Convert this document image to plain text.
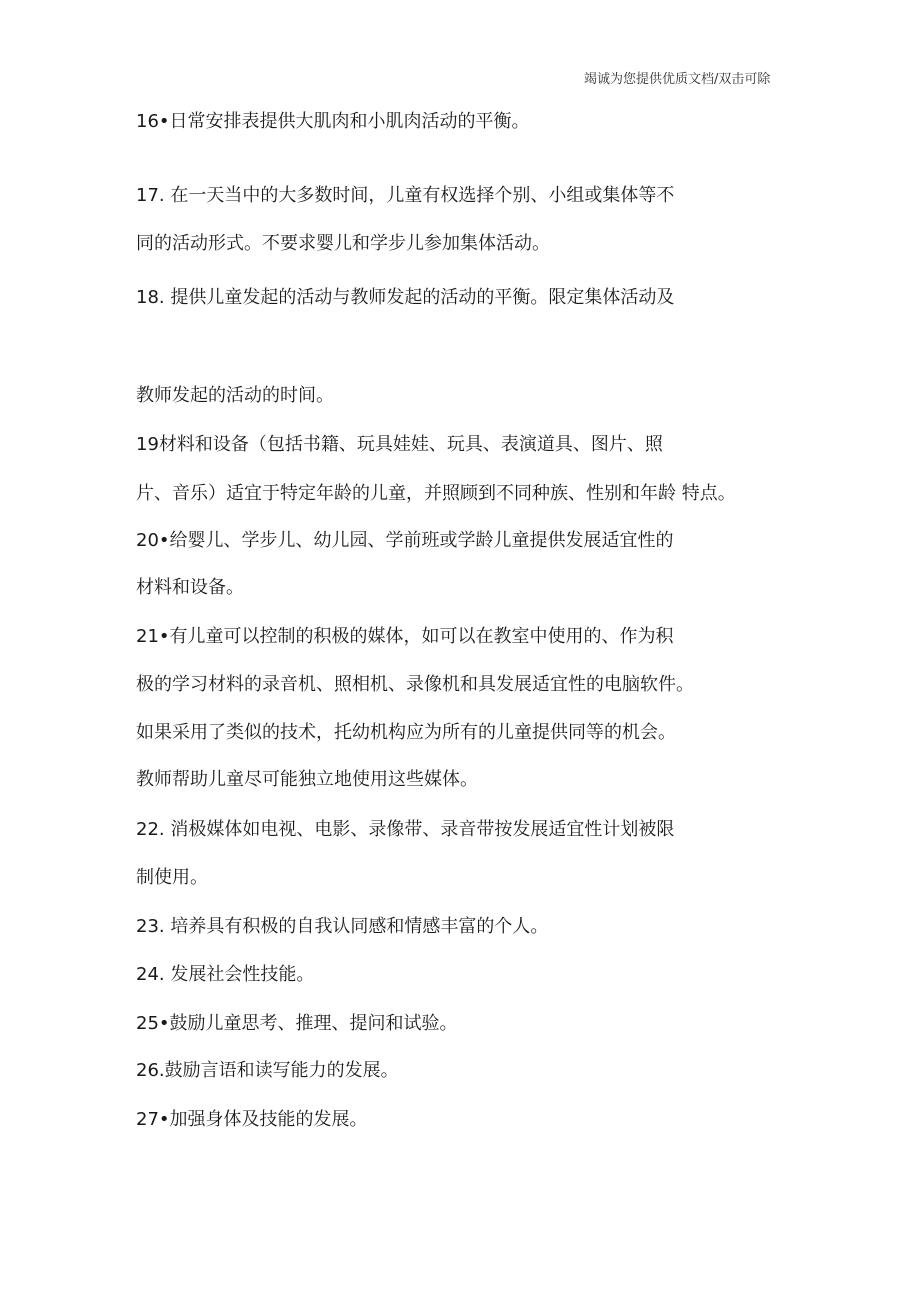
竭诚为您提供优质文档/双击可除
16•日常安排表提供大肌肉和小肌肉活动的平衡。
17. 在一天当中的大多数时间，儿童有权选择个别、小组或集体等不
同的活动形式。不要求婴儿和学步儿参加集体活动。
18. 提供儿童发起的活动与教师发起的活动的平衡。限定集体活动及
教师发起的活动的时间。
19材料和设备（包括书籍、玩具娃娃、玩具、表演道具、图片、照
片、音乐）适宜于特定年龄的儿童，并照顾到不同种族、性别和年龄 特点。
20•给婴儿、学步儿、幼儿园、学前班或学龄儿童提供发展适宜性的
材料和设备。
21•有儿童可以控制的积极的媒体，如可以在教室中使用的、作为积
极的学习材料的录音机、照相机、录像机和具发展适宜性的电脑软件。
如果采用了类似的技术，托幼机构应为所有的儿童提供同等的机会。
教师帮助儿童尽可能独立地使用这些媒体。
22. 消极媒体如电视、电影、录像带、录音带按发展适宜性计划被限
制使用。
23. 培养具有积极的自我认同感和情感丰富的个人。
24. 发展社会性技能。
25•鼓励儿童思考、推理、提问和试验。
26.鼓励言语和读写能力的发展。
27•加强身体及技能的发展。
